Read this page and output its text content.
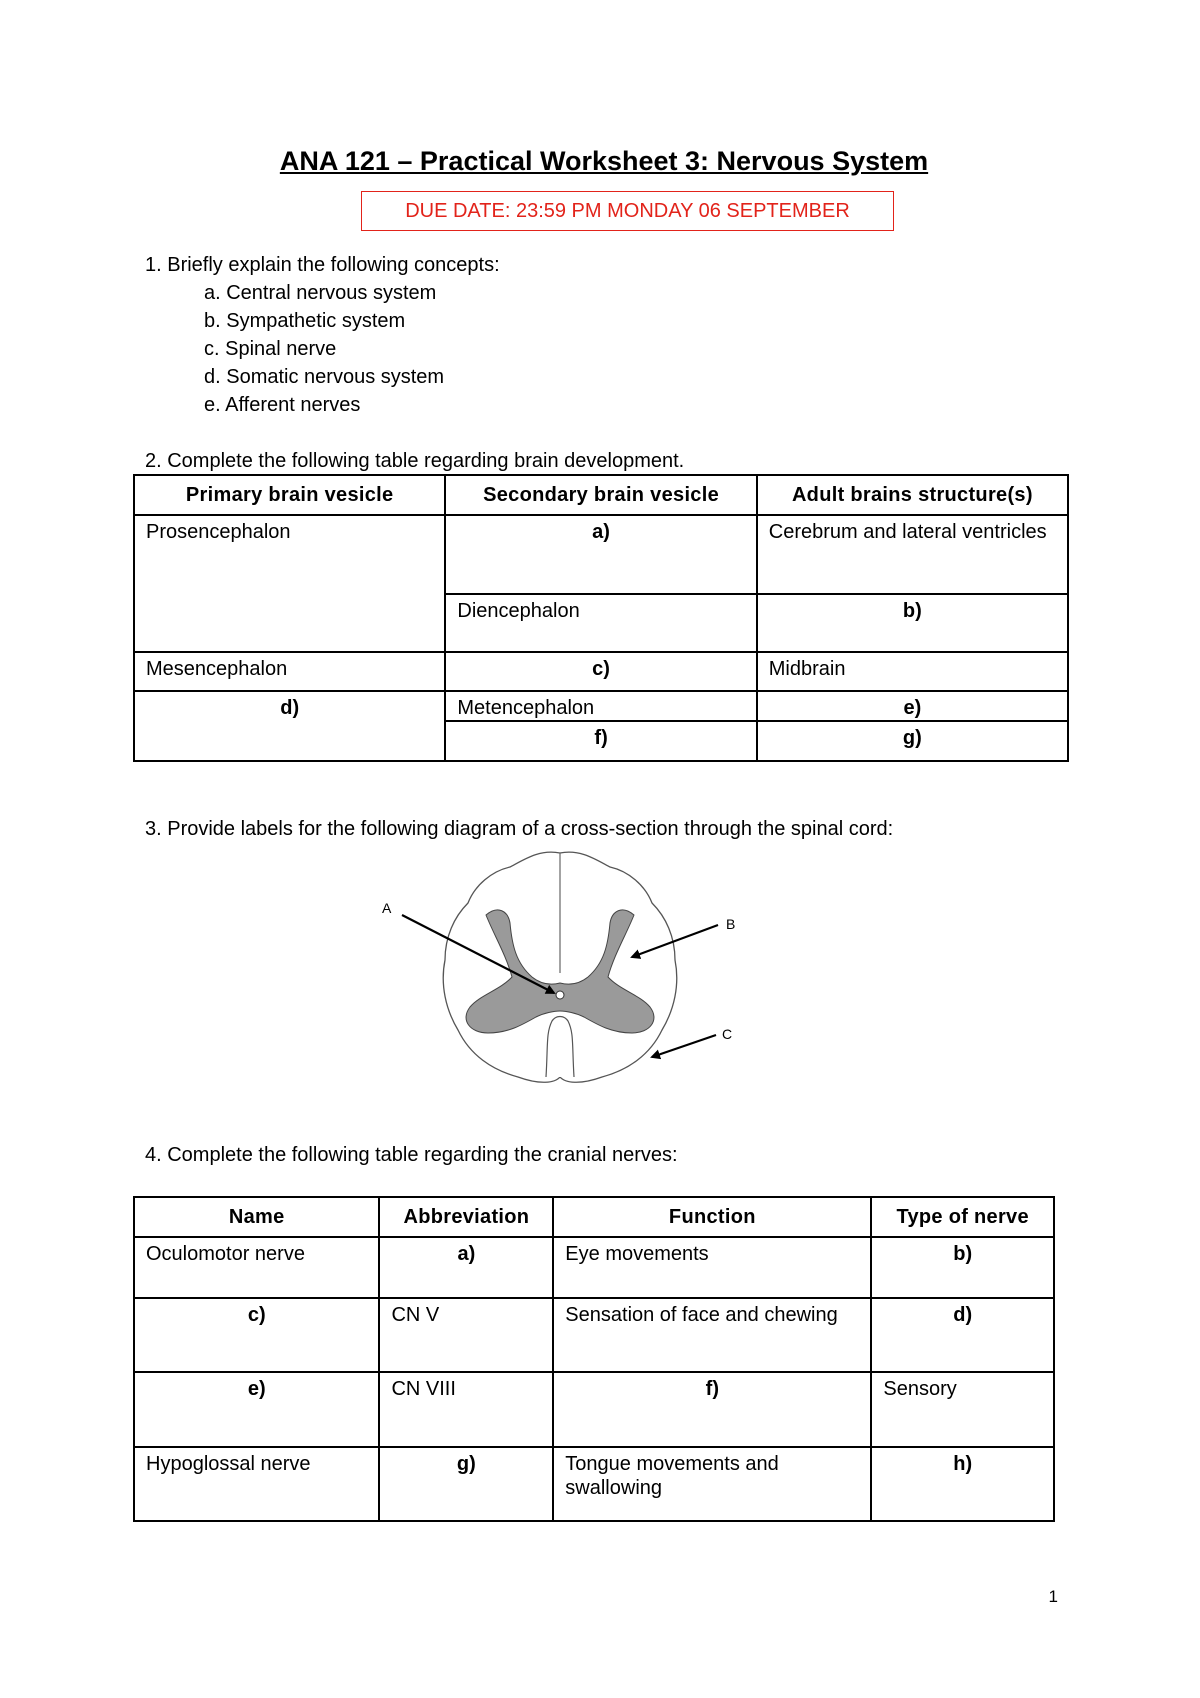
ANA 121 – Practical Worksheet 3: Nervous System
DUE DATE: 23:59 PM MONDAY 06 SEPTEMBER
1. Briefly explain the following concepts:
a. Central nervous system
b. Sympathetic system
c. Spinal nerve
d. Somatic nervous system
e. Afferent nerves
2. Complete the following table regarding brain development.
Primary brain vesicle	Secondary brain vesicle	Adult brains structure(s)
Prosencephalon	a)	Cerebrum and lateral ventricles
	Diencephalon	b)
Mesencephalon	c)	Midbrain
d)	Metencephalon	e)
	f)	g)
3. Provide labels for the following diagram of a cross-section through the spinal cord:
A
B
C
4. Complete the following table regarding the cranial nerves:
Name	Abbreviation	Function	Type of nerve
Oculomotor nerve	a)	Eye movements	b)
c)	CN V	Sensation of face and chewing	d)
e)	CN VIII	f)	Sensory
Hypoglossal nerve	g)	Tongue movements and swallowing	h)
1
